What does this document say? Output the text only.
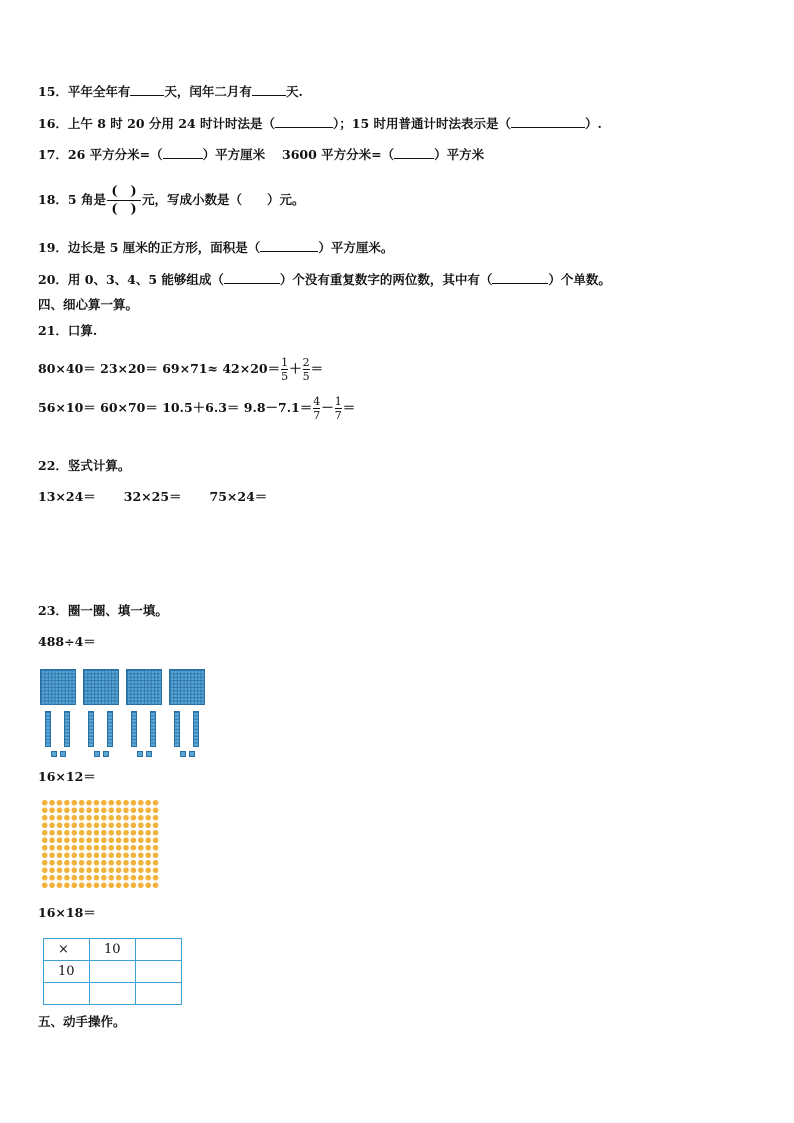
15．平年全年有	天，闰年二月有	天.
16．上午 8 时 20 分用 24 时计时法是（	）；15 时用普通计时法表示是（	）.
17．26 平方分米=（	）平方厘米　 3600 平方分米=（	）平方米
18．5 角是
(　)
(　)
元，写成小数是（　　）元。
19．边长是 5 厘米的正方形，面积是（	）平方厘米。
20．用 0、3、4、5 能够组成（	）个没有重复数字的两位数，其中有（	）个单数。
四、细心算一算。
21．口算.
$80\times 40= 23\times 20= 69\times 71\approx 42\times 20= \frac{1}{5} + \frac{2}{5}$ ＝
$56\times 10= 60\times 70= 10.5+6.3= 9.8-7.1= \frac{4}{7} - \frac{1}{7}$ ＝
22．竖式计算。
13×24＝ 32×25＝ 75×24＝
23．圈一圈、填一填。
488÷4＝
16×12＝
16×18＝
×	10	
10		

五、动手操作。
